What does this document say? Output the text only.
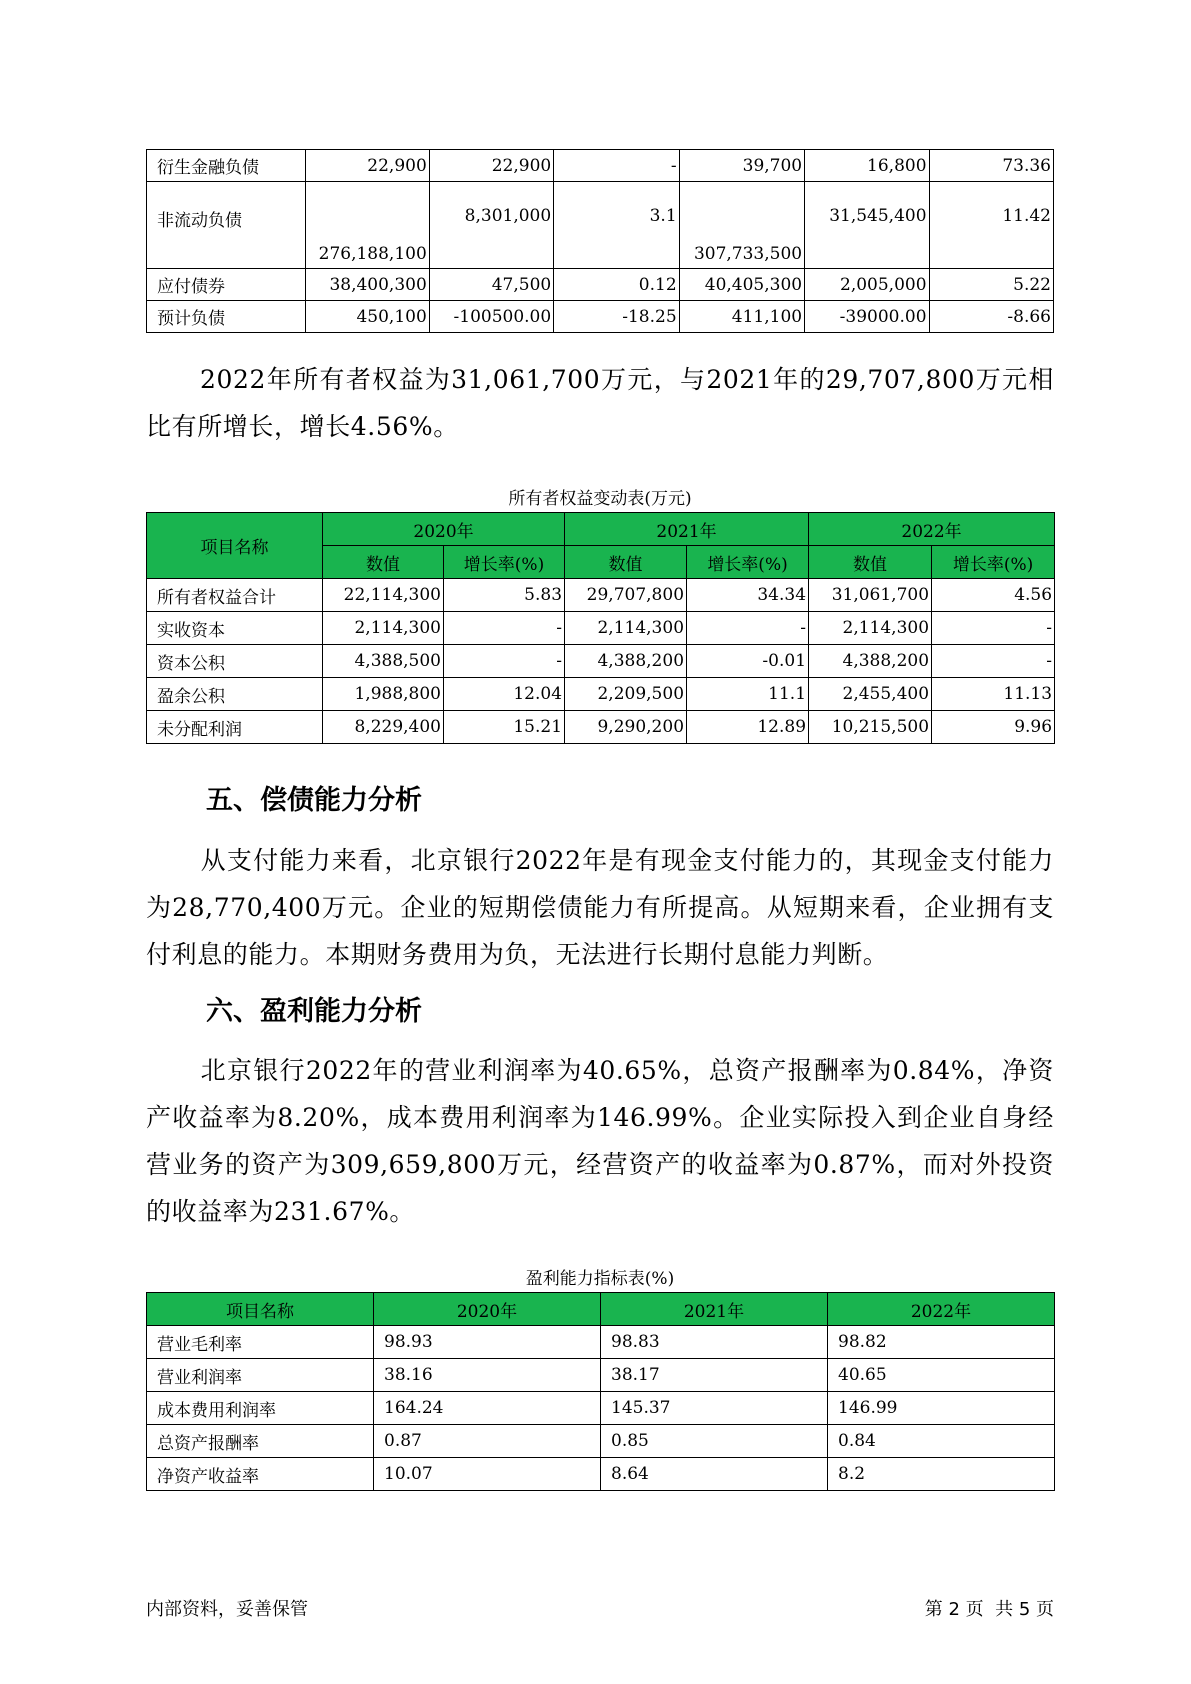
衍生金融负债	22,900	22,900	-	39,700	16,800	73.36
非流动负债	276,188,100	8,301,000	3.1	307,733,500	31,545,400	11.42
应付债券	38,400,300	47,500	0.12	40,405,300	2,005,000	5.22
预计负债	450,100	-100500.00	-18.25	411,100	-39000.00	-8.66
2022年所有者权益为31,061,700万元，与2021年的29,707,800万元相比有所增长，增长4.56%。
所有者权益变动表(万元)
项目名称	2020年		2021年		2022年	
	数值	增长率(%)	数值	增长率(%)	数值	增长率(%)
所有者权益合计	22,114,300	5.83	29,707,800	34.34	31,061,700	4.56
实收资本	2,114,300	-	2,114,300	-	2,114,300	-
资本公积	4,388,500	-	4,388,200	-0.01	4,388,200	-
盈余公积	1,988,800	12.04	2,209,500	11.1	2,455,400	11.13
未分配利润	8,229,400	15.21	9,290,200	12.89	10,215,500	9.96
五、偿债能力分析
从支付能力来看，北京银行2022年是有现金支付能力的，其现金支付能力为28,770,400万元。企业的短期偿债能力有所提高。从短期来看，企业拥有支付利息的能力。本期财务费用为负，无法进行长期付息能力判断。
六、盈利能力分析
北京银行2022年的营业利润率为40.65%，总资产报酬率为0.84%，净资产收益率为8.20%，成本费用利润率为146.99%。企业实际投入到企业自身经营业务的资产为309,659,800万元，经营资产的收益率为0.87%，而对外投资的收益率为231.67%。
盈利能力指标表(%)
项目名称	2020年	2021年	2022年
营业毛利率	98.93	98.83	98.82
营业利润率	38.16	38.17	40.65
成本费用利润率	164.24	145.37	146.99
总资产报酬率	0.87	0.85	0.84
净资产收益率	10.07	8.64	8.2
内部资料，妥善保管	第 2 页  共 5 页
